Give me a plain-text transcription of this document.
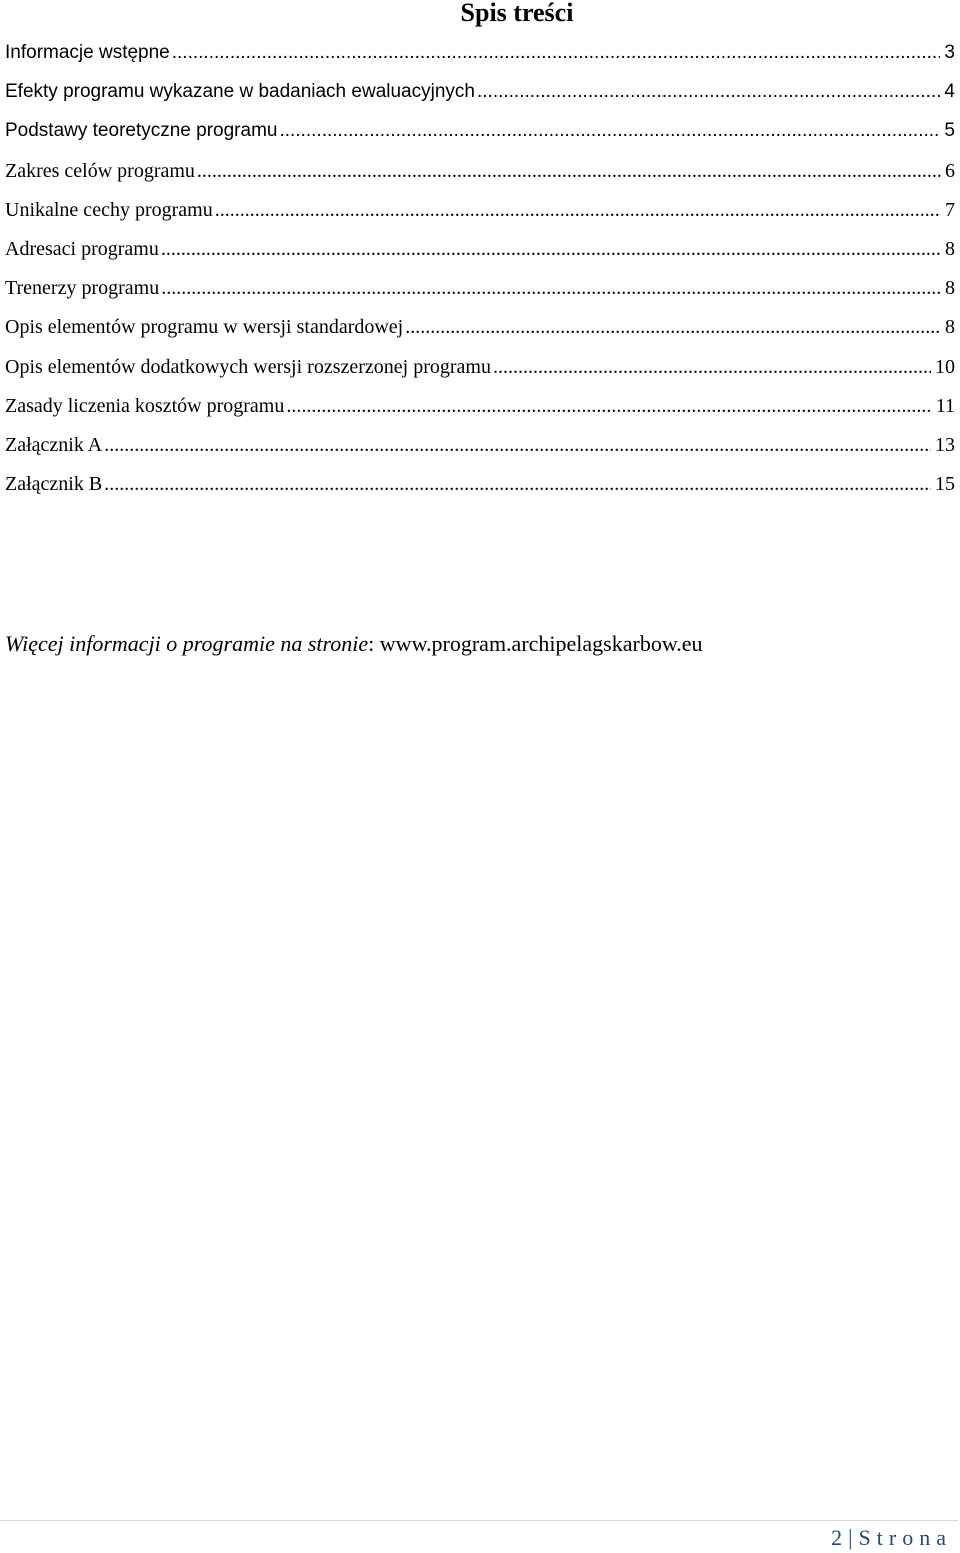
Spis treści
Informacje wstępne .....	3
Efekty programu wykazane w badaniach ewaluacyjnych .....	4
Podstawy teoretyczne programu .....	5
Zakres celów programu .....	6
Unikalne cechy programu .....	7
Adresaci programu .....	8
Trenerzy programu .....	8
Opis elementów programu w wersji standardowej .....	8
Opis elementów dodatkowych wersji rozszerzonej programu .....	10
Zasady liczenia kosztów programu .....	11
Załącznik A .....	13
Załącznik B .....	15

Więcej informacji o programie na stronie: www.program.archipelagskarbow.eu

2 | Strona
